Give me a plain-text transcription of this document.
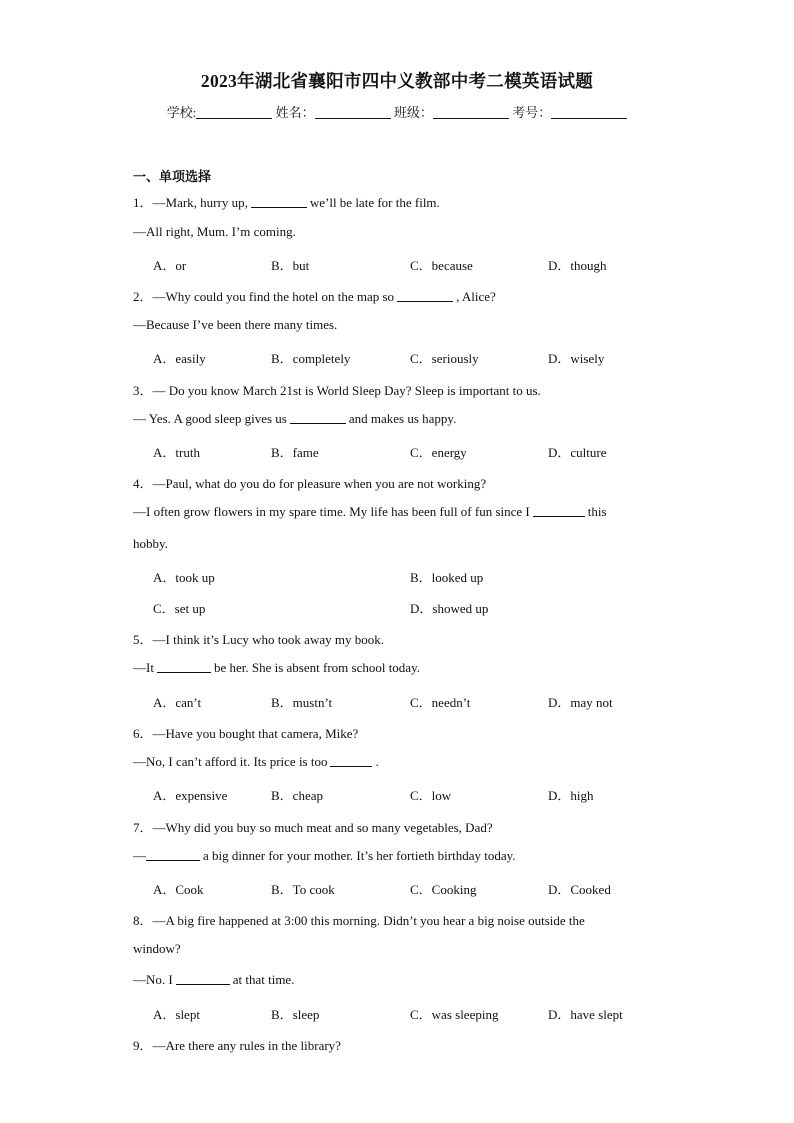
2023年湖北省襄阳市四中义教部中考二模英语试题
学校:	姓名：	班级：	考号：
一、单项选择
1．—Mark, hurry up,	we’ll be late for the film.
—All right, Mum. I’m coming.
A．or	B．but	C．because	D．though
2．—Why could you find the hotel on the map so	, Alice?
—Because I’ve been there many times.
A．easily	B．completely	C．seriously	D．wisely
3．— Do you know March 21st is World Sleep Day? Sleep is important to us.
— Yes. A good sleep gives us	and makes us happy.
A．truth	B．fame	C．energy	D．culture
4．—Paul, what do you do for pleasure when you are not working?
—I often grow flowers in my spare time. My life has been full of fun since I	this
hobby.
A．took up	B．looked up
C．set up	D．showed up
5．—I think it’s Lucy who took away my book.
—It	be her. She is absent from school today.
A．can’t	B．mustn’t	C．needn’t	D．may not
6．—Have you bought that camera, Mike?
—No, I can’t afford it. Its price is too	.
A．expensive	B．cheap	C．low	D．high
7．—Why did you buy so much meat and so many vegetables, Dad?
—	a big dinner for your mother. It’s her fortieth birthday today.
A．Cook	B．To cook	C．Cooking	D．Cooked
8．—A big fire happened at 3:00 this morning. Didn’t you hear a big noise outside the
window?
—No. I	at that time.
A．slept	B．sleep	C．was sleeping	D．have slept
9．—Are there any rules in the library?
